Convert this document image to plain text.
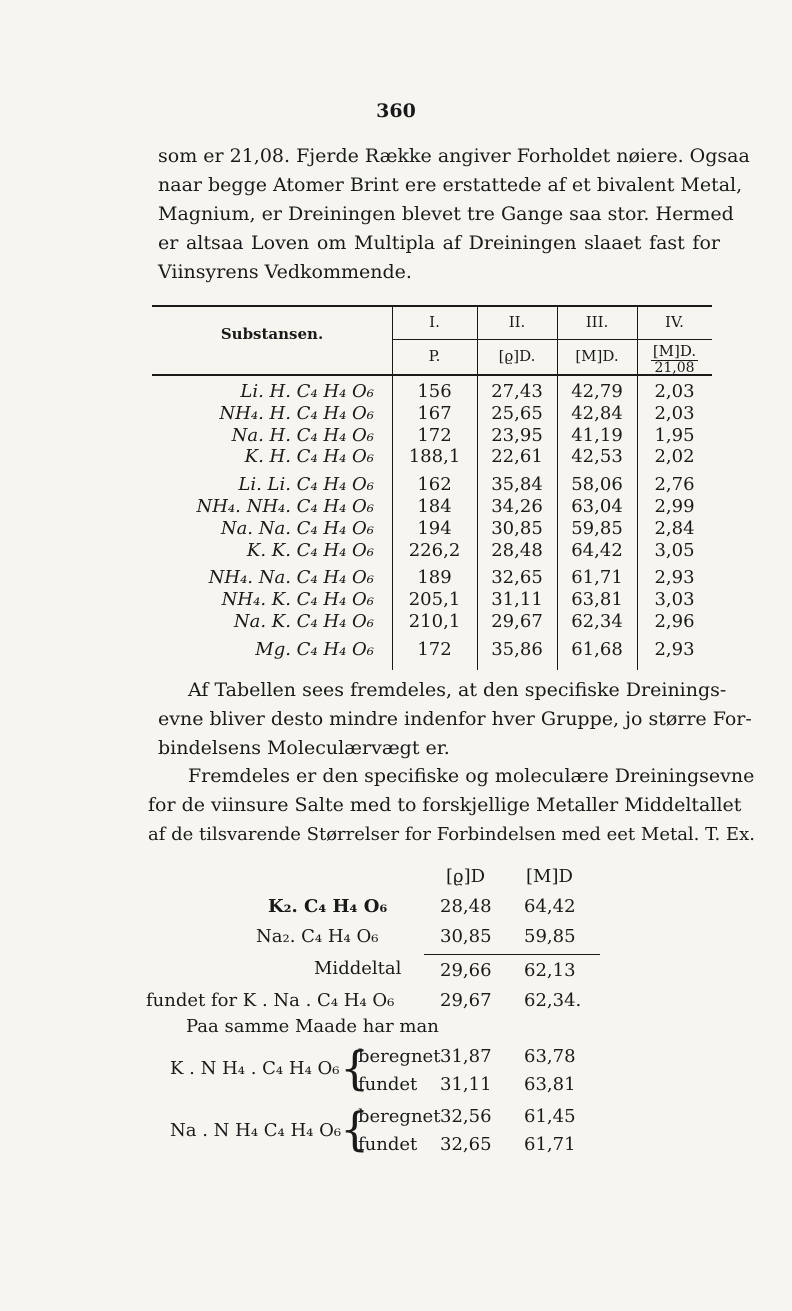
360
som er 21,08. Fjerde Række angiver Forholdet nøiere. Ogsaa
naar begge Atomer Brint ere erstattede af et bivalent Metal,
Magnium, er Dreiningen blevet tre Gange saa stor. Hermed
er altsaa Loven om Multipla af Dreiningen slaaet fast for
Viinsyrens Vedkommende.
Substansen.
I.	II.	III.	IV.
P.	[ϱ]D.	[M]D.	[M]D.
21,08
Li. H. C₄ H₄ O₆	156	27,43	42,79	2,03
NH₄. H. C₄ H₄ O₆	167	25,65	42,84	2,03
Na. H. C₄ H₄ O₆	172	23,95	41,19	1,95
K. H. C₄ H₄ O₆	188,1	22,61	42,53	2,02
Li. Li. C₄ H₄ O₆	162	35,84	58,06	2,76
NH₄. NH₄. C₄ H₄ O₆	184	34,26	63,04	2,99
Na. Na. C₄ H₄ O₆	194	30,85	59,85	2,84
K. K. C₄ H₄ O₆	226,2	28,48	64,42	3,05
NH₄. Na. C₄ H₄ O₆	189	32,65	61,71	2,93
NH₄. K. C₄ H₄ O₆	205,1	31,11	63,81	3,03
Na. K. C₄ H₄ O₆	210,1	29,67	62,34	2,96
Mg. C₄ H₄ O₆	172	35,86	61,68	2,93
Af Tabellen sees fremdeles, at den specifiske Dreinings-
evne bliver desto mindre indenfor hver Gruppe, jo større For-
bindelsens Moleculærvægt er.
Fremdeles er den specifiske og moleculære Dreiningsevne
for de viinsure Salte med to forskjellige Metaller Middeltallet
af de tilsvarende Størrelser for Forbindelsen med eet Metal. T. Ex.
[ϱ]D [M]D
K₂. C₄ H₄ O₆	28,48 64,42
Na₂. C₄ H₄ O₆	30,85 59,85
Middeltal 29,66 62,13
fundet for K . Na . C₄ H₄ O₆	29,67 62,34.
Paa samme Maade har man
K . N H₄ . C₄ H₄ O₆ {
beregnet 31,87 63,78
fundet 31,11 63,81
Na . N H₄ C₄ H₄ O₆
{
beregnet 32,56 61,45
fundet 32,65 61,71
